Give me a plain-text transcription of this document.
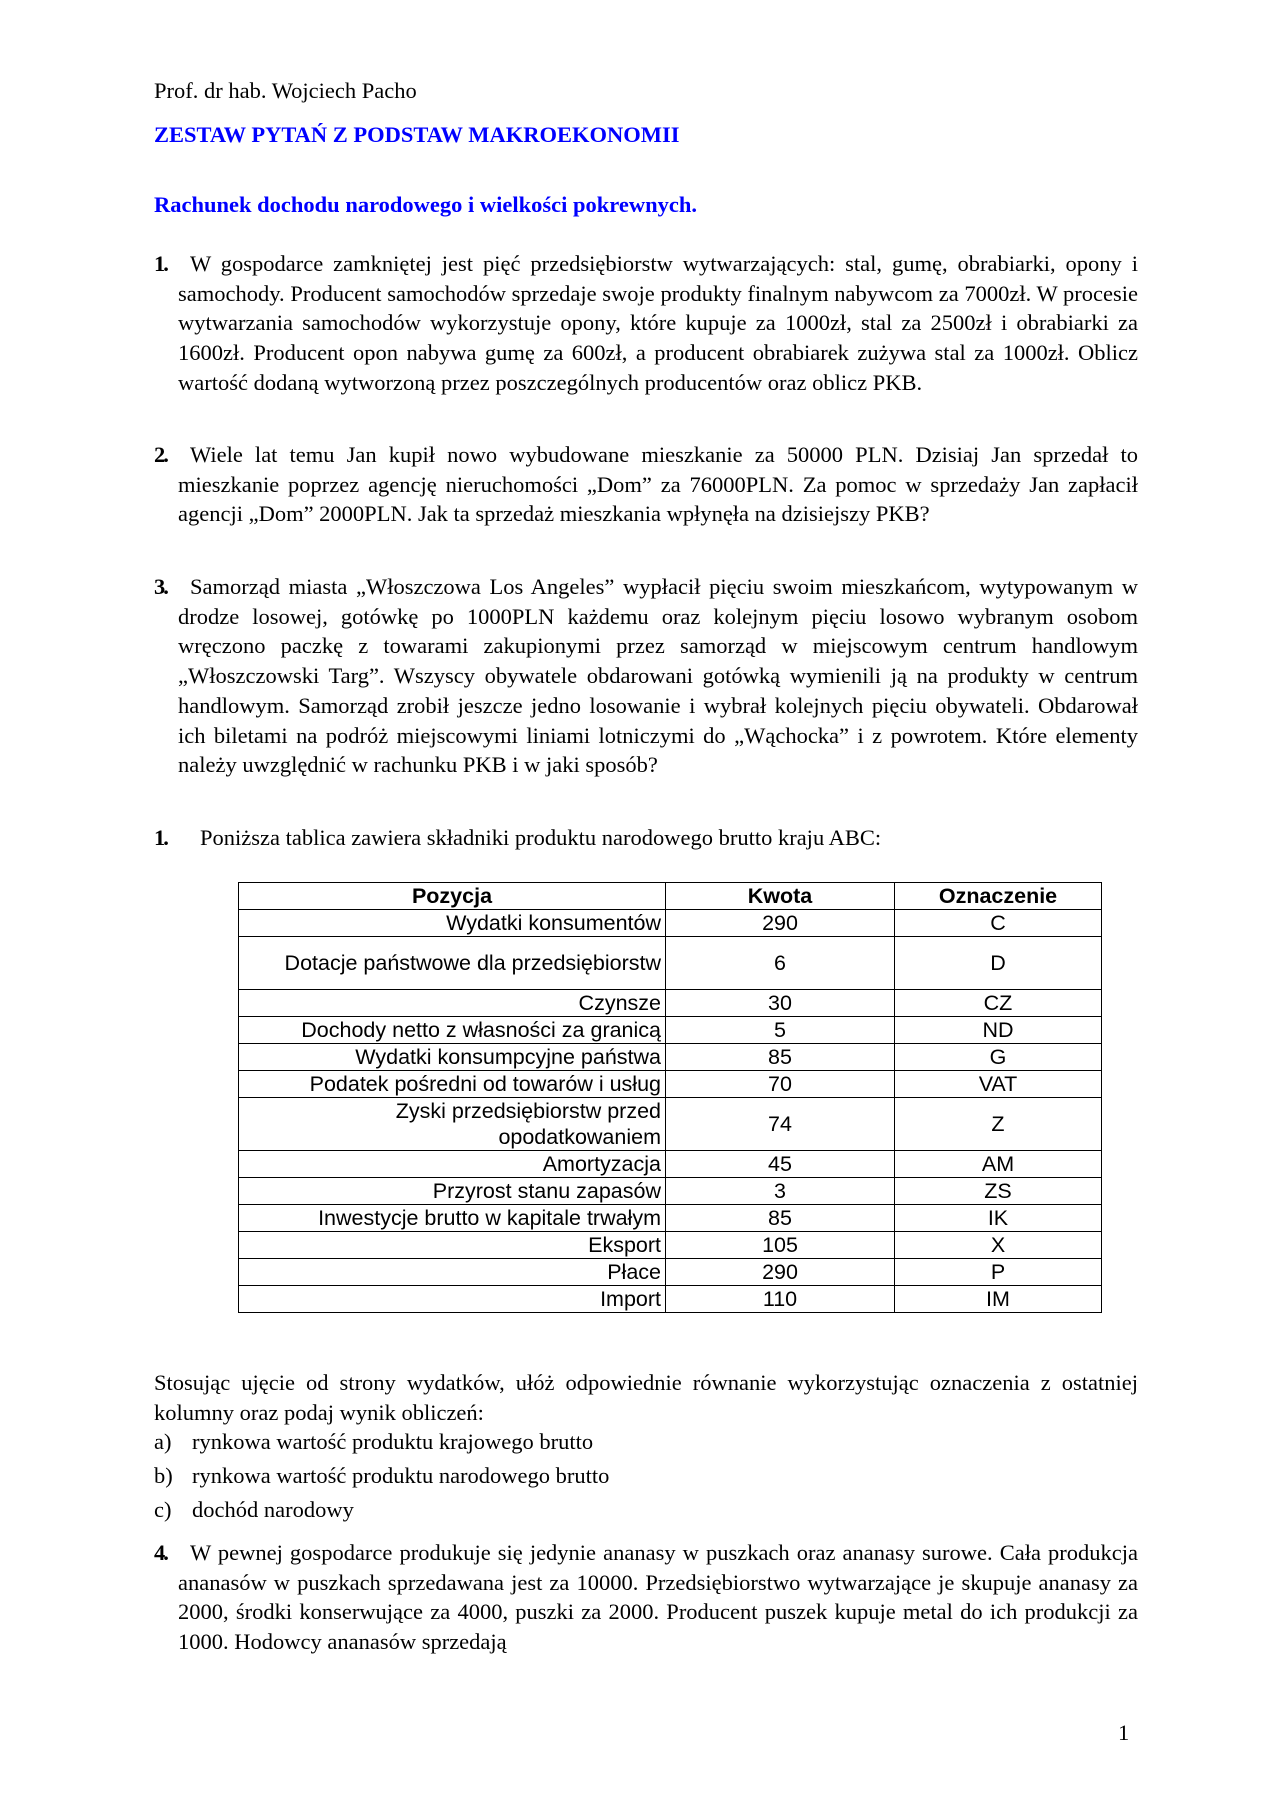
Prof. dr hab. Wojciech Pacho
ZESTAW PYTAŃ Z PODSTAW MAKROEKONOMII
Rachunek dochodu narodowego i wielkości pokrewnych.
1.	W gospodarce zamkniętej jest pięć przedsiębiorstw wytwarzających: stal, gumę, obrabiarki, opony i samochody. Producent samochodów sprzedaje swoje produkty finalnym nabywcom za 7000zł. W procesie wytwarzania samochodów wykorzystuje opony, które kupuje za 1000zł, stal za 2500zł i obrabiarki za 1600zł. Producent opon nabywa gumę za 600zł, a producent obrabiarek zużywa stal za 1000zł. Oblicz wartość dodaną wytworzoną przez poszczególnych producentów oraz oblicz PKB.
2.	Wiele lat temu Jan kupił nowo wybudowane mieszkanie za 50000 PLN. Dzisiaj Jan sprzedał to mieszkanie poprzez agencję nieruchomości „Dom” za 76000PLN. Za pomoc w sprzedaży Jan zapłacił agencji „Dom” 2000PLN. Jak ta sprzedaż mieszkania wpłynęła na dzisiejszy PKB?
3.	Samorząd miasta „Włoszczowa Los Angeles” wypłacił pięciu swoim mieszkańcom, wytypowanym w drodze losowej, gotówkę po 1000PLN każdemu oraz kolejnym pięciu losowo wybranym osobom wręczono paczkę z towarami zakupionymi przez samorząd w miejscowym centrum handlowym „Włoszczowski Targ”. Wszyscy obywatele obdarowani gotówką wymienili ją na produkty w centrum handlowym. Samorząd zrobił jeszcze jedno losowanie i wybrał kolejnych pięciu obywateli. Obdarował ich biletami na podróż miejscowymi liniami lotniczymi do „Wąchocka” i z powrotem. Które elementy należy uwzględnić w rachunku PKB i w jaki sposób?
1. Poniższa tablica zawiera składniki produktu narodowego brutto kraju ABC:
Pozycja	Kwota	Oznaczenie
Wydatki konsumentów	290	C
Dotacje państwowe dla przedsiębiorstw	6	D
Czynsze	30	CZ
Dochody netto z własności za granicą	5	ND
Wydatki konsumpcyjne państwa	85	G
Podatek pośredni od towarów i usług	70	VAT
Zyski przedsiębiorstw przed opodatkowaniem	74	Z
Amortyzacja	45	AM
Przyrost stanu zapasów	3	ZS
Inwestycje brutto w kapitale trwałym	85	IK
Eksport	105	X
Płace	290	P
Import	110	IM
Stosując ujęcie od strony wydatków, ułóż odpowiednie równanie wykorzystując oznaczenia z ostatniej kolumny oraz podaj wynik obliczeń:
a) rynkowa wartość produktu krajowego brutto
b) rynkowa wartość produktu narodowego brutto
c) dochód narodowy
4.	W pewnej gospodarce produkuje się jedynie ananasy w puszkach oraz ananasy surowe. Cała produkcja ananasów w puszkach sprzedawana jest za 10000. Przedsiębiorstwo wytwarzające je skupuje ananasy za 2000, środki konserwujące za 4000, puszki za 2000. Producent puszek kupuje metal do ich produkcji za 1000. Hodowcy ananasów sprzedają
1
